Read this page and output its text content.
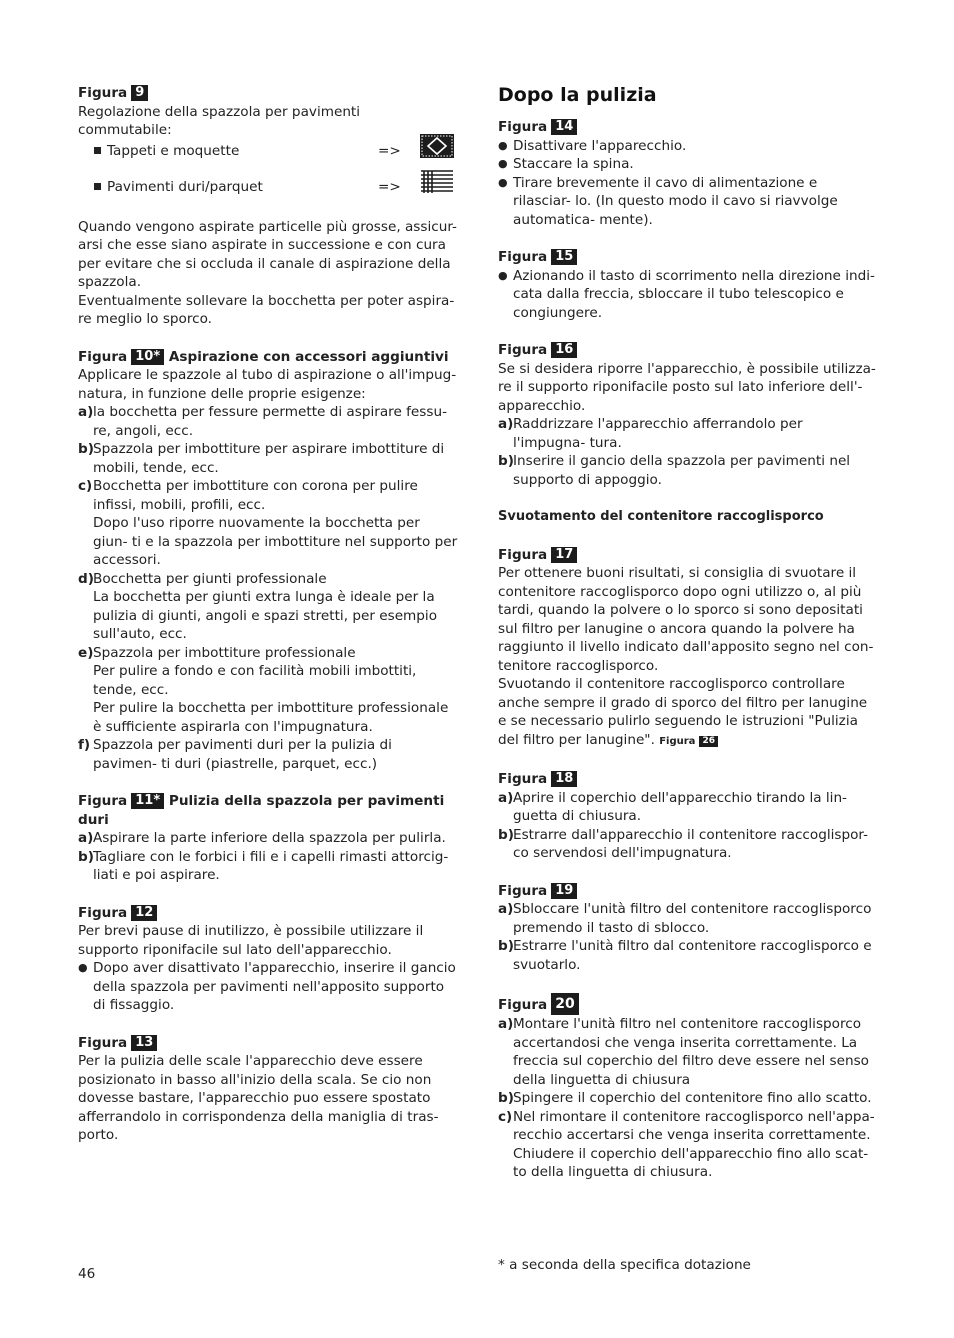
Figura 9

Regolazione della spazzola per pavimenti commutabile:

Tappeti e moquette	=>
Pavimenti duri/parquet	=>

Quando vengono aspirate particelle più grosse, assicur- arsi che esse siano aspirate in successione e con cura per evitare che si occluda il canale di aspirazione della spazzola.

Eventualmente sollevare la bocchetta per poter aspira- re meglio lo sporco.

Figura 10* Aspirazione con accessori aggiuntivi

Applicare le spazzole al tubo di aspirazione o all'impug- natura, in funzione delle proprie esigenze:

a) la bocchetta per fessure permette di aspirare fessu- re, angoli, ecc.
b) Spazzola per imbottiture per aspirare imbottiture di mobili, tende, ecc.
c) Bocchetta per imbottiture con corona per pulire infissi, mobili, profili, ecc.

Dopo l'uso riporre nuovamente la bocchetta per giun- ti e la spazzola per imbottiture nel supporto per accessori.

d) Bocchetta per giunti professionale

La bocchetta per giunti extra lunga è ideale per la pulizia di giunti, angoli e spazi stretti, per esempio sull'auto, ecc.

e) Spazzola per imbottiture professionale

Per pulire a fondo e con facilità mobili imbottiti, tende, ecc.

Per pulire la bocchetta per imbottiture professionale è sufficiente aspirarla con l'impugnatura.

f) Spazzola per pavimenti duri per la pulizia di pavimen- ti duri (piastrelle, parquet, ecc.)

Figura 11* Pulizia della spazzola per pavimenti duri

a) Aspirare la parte inferiore della spazzola per pulirla.
b) Tagliare con le forbici i fili e i capelli rimasti attorcig- liati e poi aspirare.

Figura 12

Per brevi pause di inutilizzo, è possibile utilizzare il supporto riponifacile sul lato dell'apparecchio.

● Dopo aver disattivato l'apparecchio, inserire il gancio della spazzola per pavimenti nell'apposito supporto di fissaggio.

Figura 13

Per la pulizia delle scale l'apparecchio deve essere posizionato in basso all'inizio della scala. Se cio non dovesse bastare, l'apparecchio puo essere spostato afferrandolo in corrispondenza della maniglia di tras- porto.

Dopo la pulizia

Figura 14

● Disattivare l'apparecchio.
● Staccare la spina.
● Tirare brevemente il cavo di alimentazione e rilasciar- lo. (In questo modo il cavo si riavvolge automatica- mente).

Figura 15

● Azionando il tasto di scorrimento nella direzione indi- cata dalla freccia, sbloccare il tubo telescopico e congiungere.

Figura 16

Se si desidera riporre l'apparecchio, è possibile utilizza- re il supporto riponifacile posto sul lato inferiore dell'- apparecchio.

a) Raddrizzare l'apparecchio afferrandolo per l'impugna- tura.
b) Inserire il gancio della spazzola per pavimenti nel supporto di appoggio.

Svuotamento del contenitore raccoglisporco

Figura 17

Per ottenere buoni risultati, si consiglia di svuotare il contenitore raccoglisporco dopo ogni utilizzo o, al più tardi, quando la polvere o lo sporco si sono depositati sul filtro per lanugine o ancora quando la polvere ha raggiunto il livello indicato dall'apposito segno nel con- tenitore raccoglisporco.

Svuotando il contenitore raccoglisporco controllare anche sempre il grado di sporco del filtro per lanugine e se necessario pulirlo seguendo le istruzioni "Pulizia del filtro per lanugine". Figura 26

Figura 18

a) Aprire il coperchio dell'apparecchio tirando la lin- guetta di chiusura.
b) Estrarre dall'apparecchio il contenitore raccoglispor- co servendosi dell'impugnatura.

Figura 19

a) Sbloccare l'unità filtro del contenitore raccoglisporco premendo il tasto di sblocco.
b) Estrarre l'unità filtro dal contenitore raccoglisporco e svuotarlo.

Figura 20

a) Montare l'unità filtro nel contenitore raccoglisporco accertandosi che venga inserita correttamente. La freccia sul coperchio del filtro deve essere nel senso della linguetta di chiusura
b) Spingere il coperchio del contenitore fino allo scatto.
c) Nel rimontare il contenitore raccoglisporco nell'appa- recchio accertarsi che venga inserita correttamente. Chiudere il coperchio dell'apparecchio fino allo scat- to della linguetta di chiusura.
46
* a seconda della specifica dotazione
